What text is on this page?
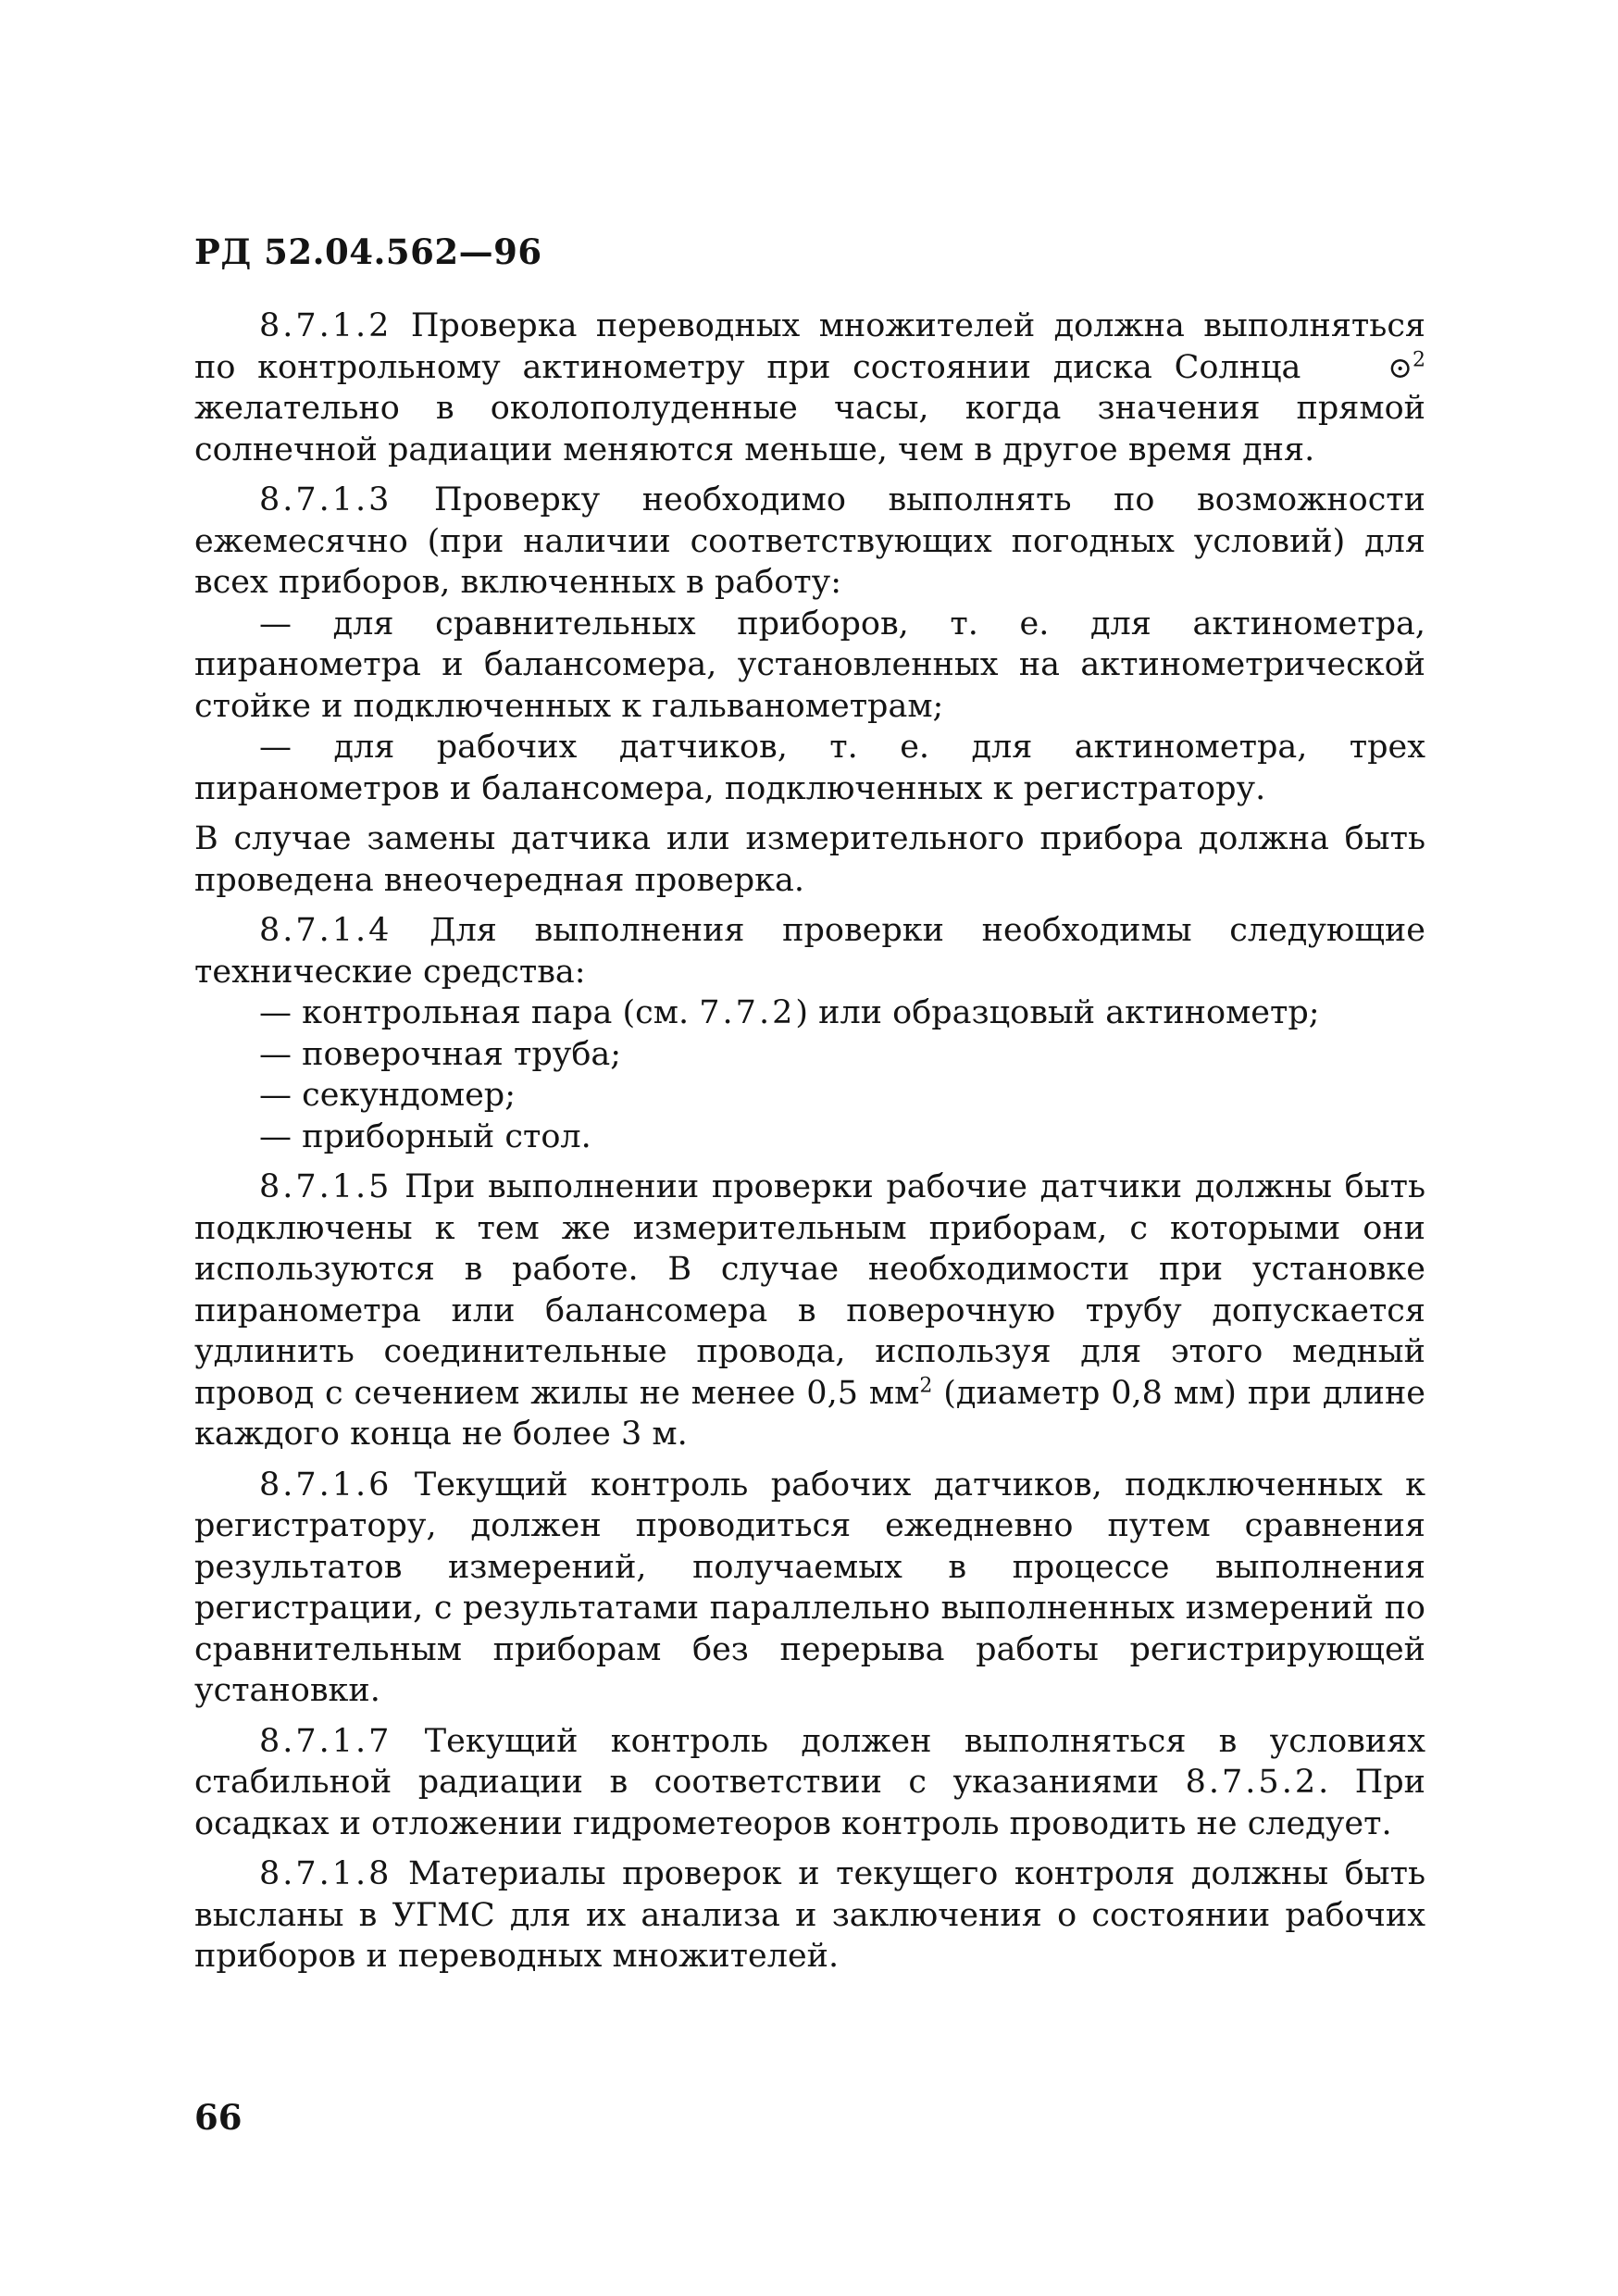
РД 52.04.562—96

8.7.1.2 Проверка переводных множителей должна выполняться по контрольному актинометру при состоянии диска Солнца	⊙$^2$ желательно в околополуденные часы, когда значения прямой солнечной радиации меняются меньше, чем в другое время дня.

8.7.1.3 Проверку необходимо выполнять по возможности ежемесячно (при наличии соответствующих погодных условий) для всех приборов, включенных в работу:

— для сравнительных приборов, т. е. для актинометра, пиранометра и балансомера, установленных на актинометрической стойке и подключенных к гальванометрам;

— для рабочих датчиков, т. е. для актинометра, трех пиранометров и балансомера, подключенных к регистратору.

В случае замены датчика или измерительного прибора должна быть проведена внеочередная проверка.

8.7.1.4 Для выполнения проверки необходимы следующие технические средства:

— контрольная пара (см. 7.7.2) или образцовый актинометр;

— поверочная труба;

— секундомер;

— приборный стол.

8.7.1.5 При выполнении проверки рабочие датчики должны быть подключены к тем же измерительным приборам, с которыми они используются в работе. В случае необходимости при установке пиранометра или балансомера в поверочную трубу допускается удлинить соединительные провода, используя для этого медный провод с сечением жилы не менее 0,5 $мм^2$ (диаметр 0,8 мм) при длине каждого конца не более 3 м.

8.7.1.6 Текущий контроль рабочих датчиков, подключенных к регистратору, должен проводиться ежедневно путем сравнения результатов измерений, получаемых в процессе выполнения регистрации, с результатами параллельно выполненных измерений по сравнительным приборам без перерыва работы регистрирующей установки.

8.7.1.7 Текущий контроль должен выполняться в условиях стабильной радиации в соответствии с указаниями 8.7.5.2. При осадках и отложении гидрометеоров контроль проводить не следует.

8.7.1.8 Материалы проверок и текущего контроля должны быть высланы в УГМС для их анализа и заключения о состоянии рабочих приборов и переводных множителей.

66
